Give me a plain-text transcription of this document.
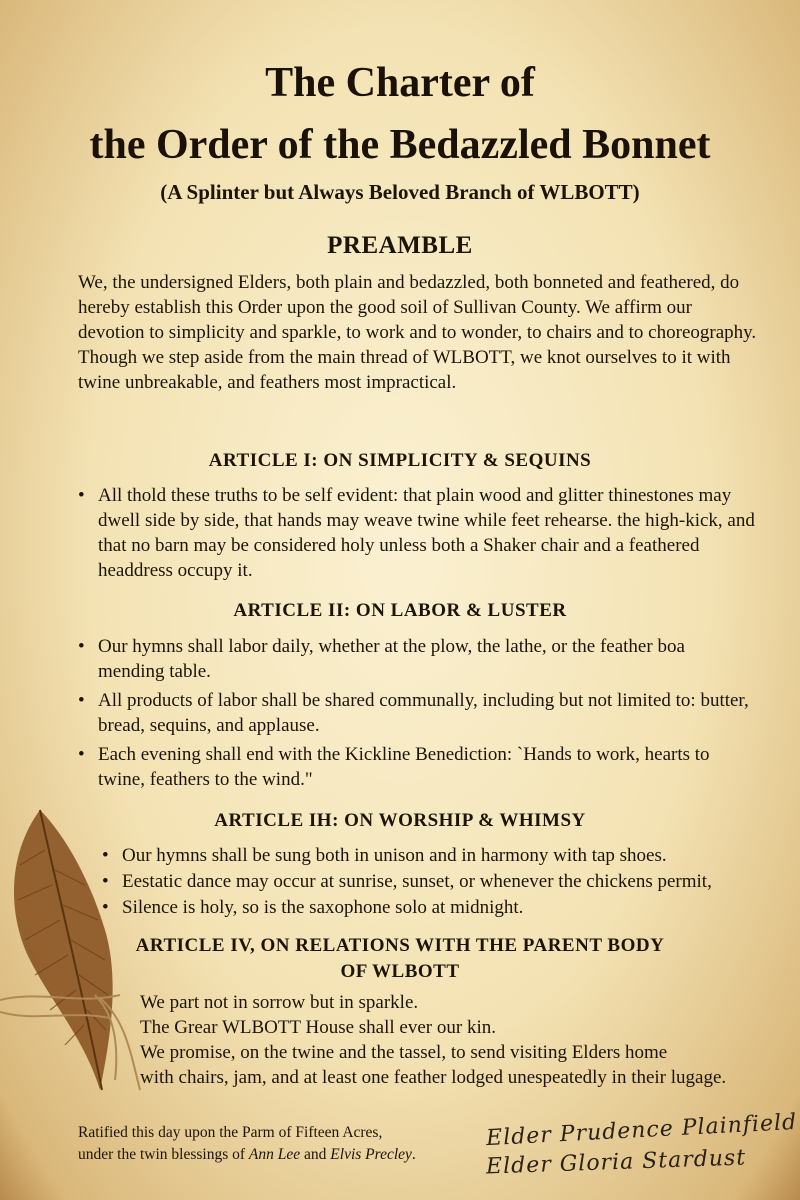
The Charter of
the Order of the Bedazzled Bonnet
(A Splinter but Always Beloved Branch of WLBOTT)
PREAMBLE
We, the undersigned Elders, both plain and bedazzled, both bonneted and feathered, do hereby establish this Order upon the good soil of Sullivan County. We affirm our devotion to simplicity and sparkle, to work and to wonder, to chairs and to choreography. Though we step aside from the main thread of WLBOTT, we knot ourselves to it with twine unbreakable, and feathers most impractical.
ARTICLE I: ON SIMPLICITY & SEQUINS
• All thold these truths to be self evident: that plain wood and glitter thinestones may dwell side by side, that hands may weave twine while feet rehearse. the high-kick, and that no barn may be considered holy unless both a Shaker chair and a feathered headdress occupy it.
ARTICLE II: ON LABOR & LUSTER
• Our hymns shall labor daily, whether at the plow, the lathe, or the feather boa mending table.
• All products of labor shall be shared communally, including but not limited to: butter, bread, sequins, and applause.
• Each evening shall end with the Kickline Benediction: `Hands to work, hearts to twine, feathers to the wind."
ARTICLE IH: ON WORSHIP & WHIMSY
• Our hymns shall be sung both in unison and in harmony with tap shoes.
• Eestatic dance may occur at sunrise, sunset, or whenever the chickens permit,
• Silence is holy, so is the saxophone solo at midnight.
ARTICLE IV, ON RELATIONS WITH THE PARENT BODY
OF WLBOTT
We part not in sorrow but in sparkle.
The Grear WLBOTT House shall ever our kin.
We promise, on the twine and the tassel, to send visiting Elders home
with chairs, jam, and at least one feather lodged unespeatedly in their lugage.
Ratified this day upon the Parm of Fifteen Acres,
under the twin blessings of Ann Lee and Elvis Precley.
Elder Prudence Plainfield
Elder Gloria Stardust
